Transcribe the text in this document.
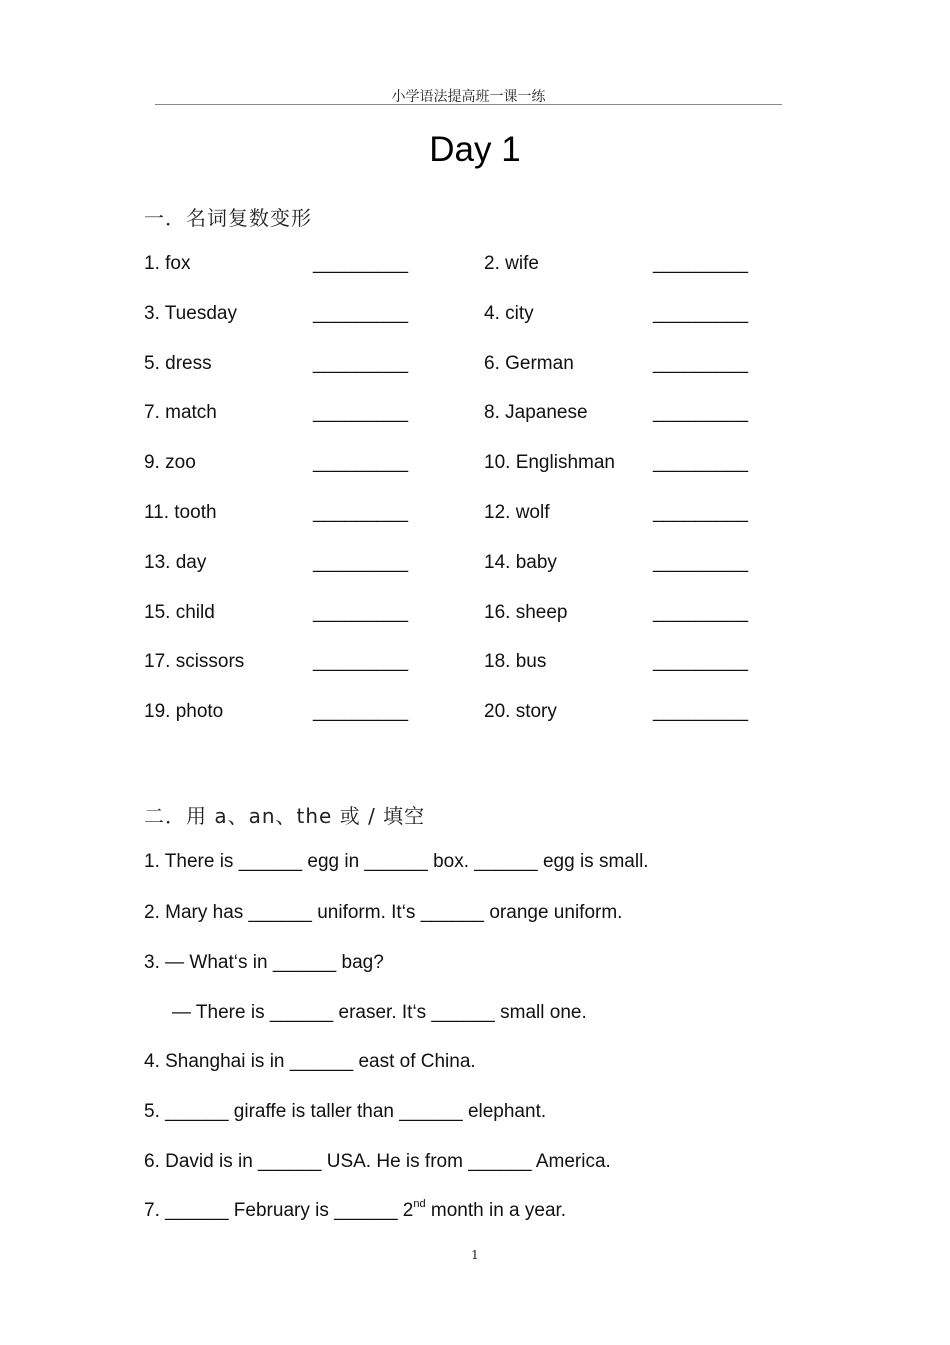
小学语法提高班一课一练
Day 1
一．名词复数变形
1. fox	_________	2. wife	_________
3. Tuesday	_________	4. city	_________
5. dress	_________	6. German	_________
7. match	_________	8. Japanese	_________
9. zoo	_________	10. Englishman _________
11. tooth	_________	12. wolf	_________
13. day	_________	14. baby	_________
15. child	_________	16. sheep	_________
17. scissors	_________	18. bus	_________
19. photo	_________	20. story	_________
二．用 a、an、the 或 / 填空
1. There is ______ egg in ______ box. ______ egg is small.
2. Mary has ______ uniform. It‘s ______ orange uniform.
3. — What‘s in ______ bag?
— There is ______ eraser. It‘s ______ small one.
4. Shanghai is in ______ east of China.
5. ______ giraffe is taller than ______ elephant.
6. David is in ______ USA. He is from ______ America.
7. ______ February is ______ 2nd month in a year.
1
